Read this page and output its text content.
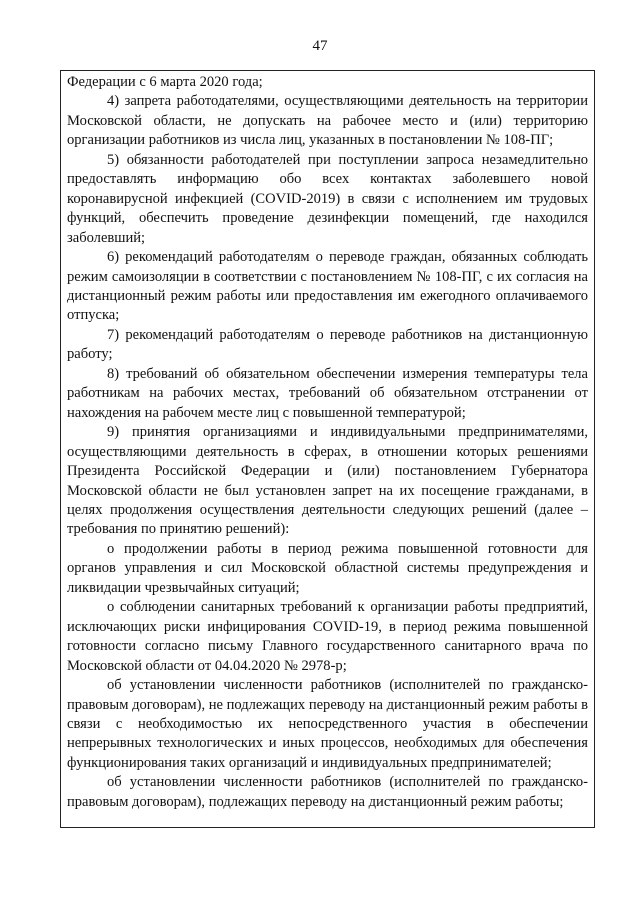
47

Федерации с 6 марта 2020 года;

4) запрета работодателями, осуществляющими деятельность на территории Московской области, не допускать на рабочее место и (или) территорию организации работников из числа лиц, указанных в постановлении № 108-ПГ;

5) обязанности работодателей при поступлении запроса незамедлительно предоставлять информацию обо всех контактах заболевшего новой коронавирусной инфекцией (COVID-2019) в связи с исполнением им трудовых функций, обеспечить проведение дезинфекции помещений, где находился заболевший;

6) рекомендаций работодателям о переводе граждан, обязанных соблюдать режим самоизоляции в соответствии с постановлением № 108-ПГ, с их согласия на дистанционный режим работы или предоставления им ежегодного оплачиваемого отпуска;

7) рекомендаций работодателям о переводе работников на дистанционную работу;

8) требований об обязательном обеспечении измерения температуры тела работникам на рабочих местах, требований об обязательном отстранении от нахождения на рабочем месте лиц с повышенной температурой;

9) принятия организациями и индивидуальными предпринимателями, осуществляющими деятельность в сферах, в отношении которых решениями Президента Российской Федерации и (или) постановлением Губернатора Московской области не был установлен запрет на их посещение гражданами, в целях продолжения осуществления деятельности следующих решений (далее – требования по принятию решений):

о продолжении работы в период режима повышенной готовности для органов управления и сил Московской областной системы предупреждения и ликвидации чрезвычайных ситуаций;

о соблюдении санитарных требований к организации работы предприятий, исключающих риски инфицирования COVID-19, в период режима повышенной готовности согласно письму Главного государственного санитарного врача по Московской области от 04.04.2020 № 2978-р;

об установлении численности работников (исполнителей по гражданско-правовым договорам), не подлежащих переводу на дистанционный режим работы в связи с необходимостью их непосредственного участия в обеспечении непрерывных технологических и иных процессов, необходимых для обеспечения функционирования таких организаций и индивидуальных предпринимателей;

об установлении численности работников (исполнителей по гражданско-правовым договорам), подлежащих переводу на дистанционный режим работы;
